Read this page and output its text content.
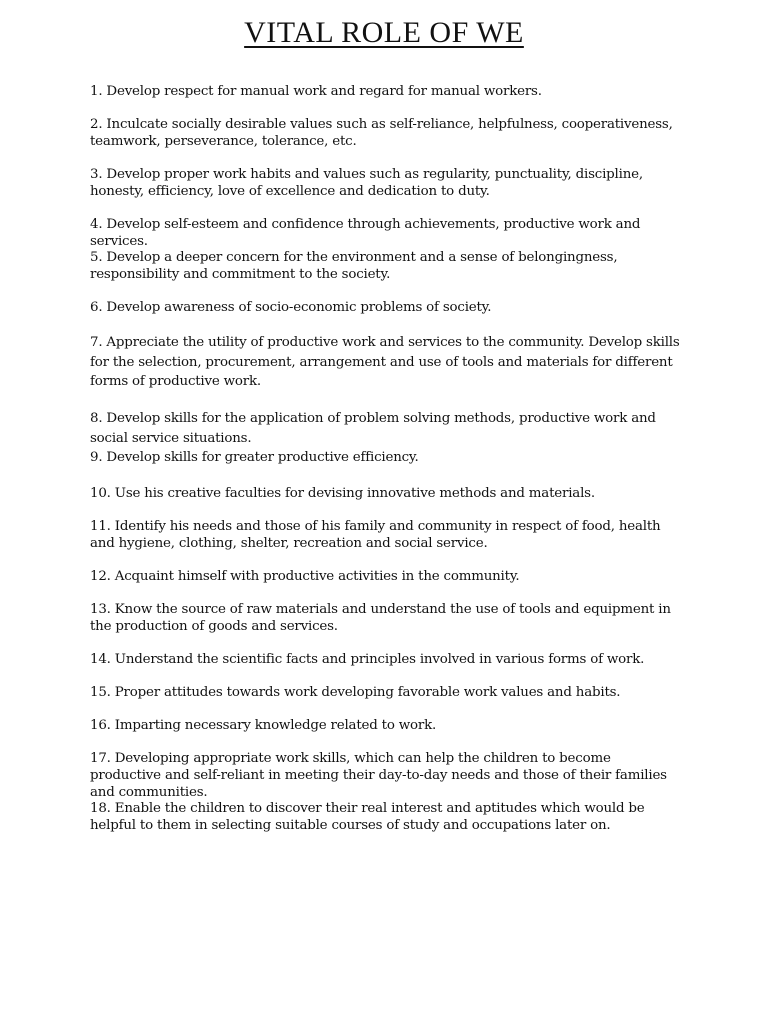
VITAL ROLE OF WE

1. Develop respect for manual work and regard for manual workers.

2. Inculcate socially desirable values such as self-reliance, helpfulness, cooperativeness, teamwork, perseverance, tolerance, etc.

3. Develop proper work habits and values such as regularity, punctuality, discipline, honesty, efficiency, love of excellence and dedication to duty.

4. Develop self-esteem and confidence through achievements, productive work and services.

5. Develop a deeper concern for the environment and a sense of belongingness, responsibility and commitment to the society.

6. Develop awareness of socio-economic problems of society.

7. Appreciate the utility of productive work and services to the community. Develop skills for the selection, procurement, arrangement and use of tools and materials for different forms of productive work.

8. Develop skills for the application of problem solving methods, productive work and social service situations.

9. Develop skills for greater productive efficiency.

10. Use his creative faculties for devising innovative methods and materials.

11. Identify his needs and those of his family and community in respect of food, health and hygiene, clothing, shelter, recreation and social service.

12. Acquaint himself with productive activities in the community.

13. Know the source of raw materials and understand the use of tools and equipment in the production of goods and services.

14. Understand the scientific facts and principles involved in various forms of work.

15. Proper attitudes towards work developing favorable work values and habits.

16. Imparting necessary knowledge related to work.

17. Developing appropriate work skills, which can help the children to become productive and self-reliant in meeting their day-to-day needs and those of their families and communities.

18. Enable the children to discover their real interest and aptitudes which would be helpful to them in selecting suitable courses of study and occupations later on.
